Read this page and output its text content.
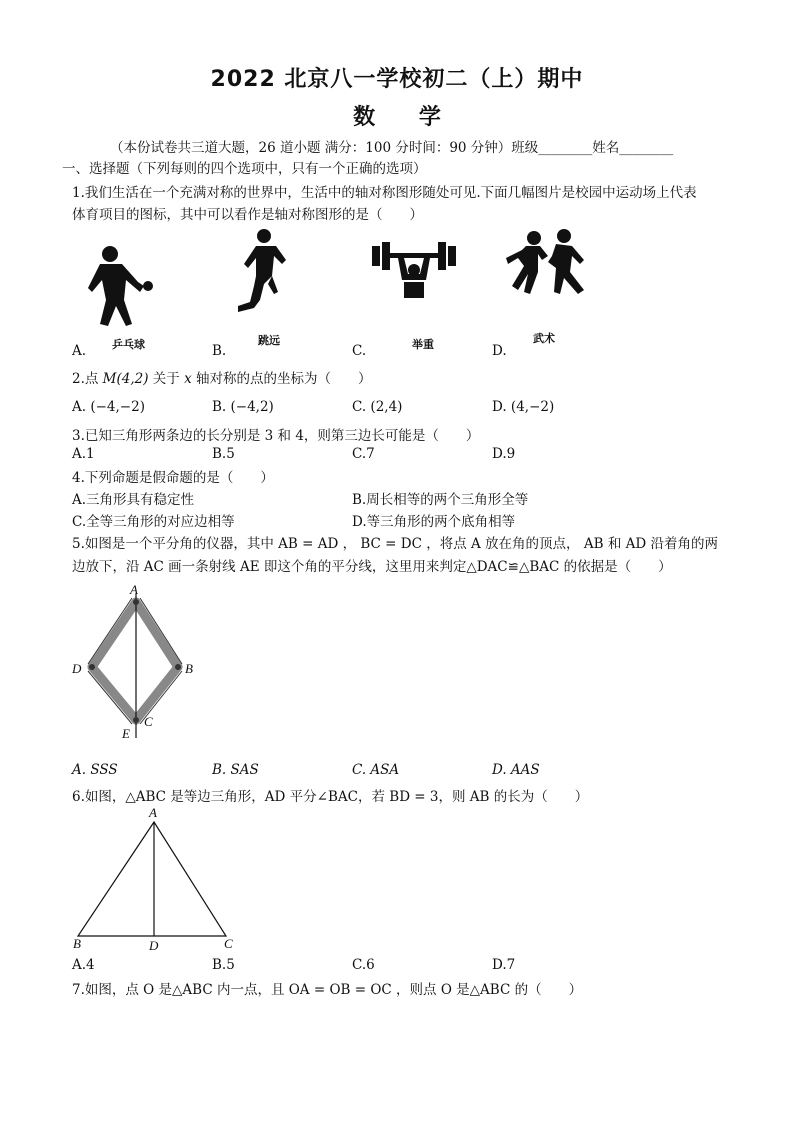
2022 北京八一学校初二（上）期中
数 学
（本份试卷共三道大题，26 道小题 满分：100 分时间：90 分钟）班级________姓名________
一、选择题（下列每则的四个选项中，只有一个正确的选项）
1.我们生活在一个充满对称的世界中，生活中的轴对称图形随处可见.下面几幅图片是校园中运动场上代表
体育项目的图标，其中可以看作是轴对称图形的是（　　）
A. 乒乓球	B.
跳远
C.	举重	D.
武术
2.点 M(4,2) 关于 x 轴对称的点的坐标为（　　）
A. (−4,−2)	B. (−4,2)	C. (2,4)	D. (4,−2)
3.已知三角形两条边的长分别是 3 和 4，则第三边长可能是（　　）
A.1	B.5	C.7	D.9
4.下列命题是假命题的是（　　）
A.三角形具有稳定性	B.周长相等的两个三角形全等
C.全等三角形的对应边相等	D.等三角形的两个底角相等
5.如图是一个平分角的仪器，其中 AB = AD ， BC = DC ，将点 A 放在角的顶点， AB 和 AD 沿着角的两
边放下，沿 AC 画一条射线 AE 即这个角的平分线，这里用来判定△DAC≌△BAC 的依据是（　　）
A
B
C
D
E
A. SSS	B. SAS	C. ASA	D. AAS
6.如图，△ABC 是等边三角形，AD 平分∠BAC，若 BD = 3，则 AB 的长为（　　）
A
B	C
D
A.4	B.5	C.6	D.7
7.如图，点 O 是△ABC 内一点，且 OA = OB = OC ，则点 O 是△ABC 的（　　）
